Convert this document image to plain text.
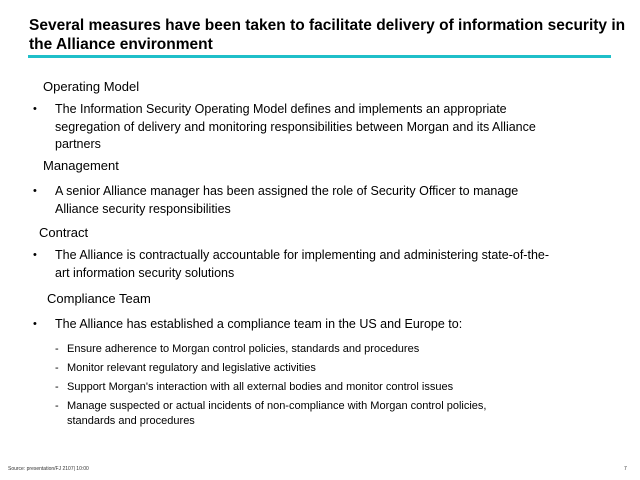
Several measures have been taken to facilitate delivery of information security in
the Alliance environment
Operating Model
• The Information Security Operating Model defines and implements an appropriate
segregation of delivery and monitoring responsibilities between Morgan and its Alliance
partners
Management
• A senior Alliance manager has been assigned the role of Security Officer to manage
Alliance security responsibilities
Contract
• The Alliance is contractually accountable for implementing and administering state-of-the-
art information security solutions
Compliance Team
• The Alliance has established a compliance team in the US and Europe to:
- Ensure adherence to Morgan control policies, standards and procedures
- Monitor relevant regulatory and legislative activities
- Support Morgan's interaction with all external bodies and monitor control issues
- Manage suspected or actual incidents of non-compliance with Morgan control policies,
standards and procedures
Source: presentation/FJ 2107| 10:00	7
